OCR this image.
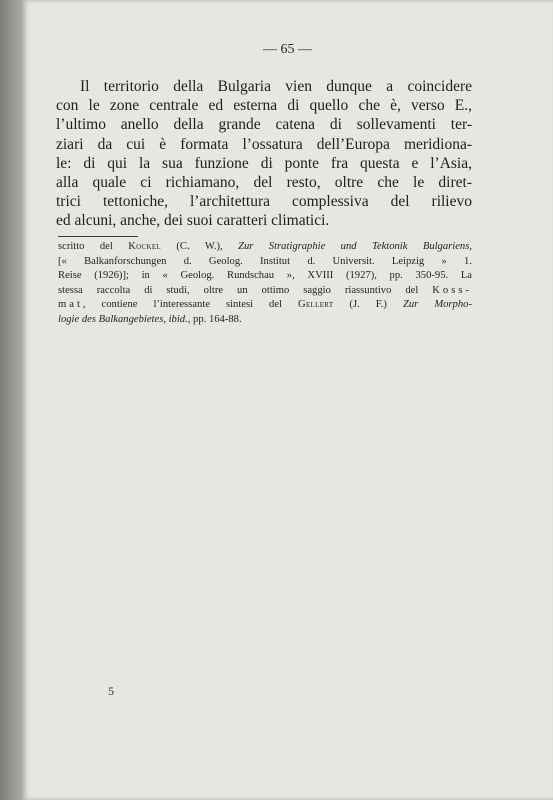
— 65 —
Il territorio della Bulgaria vien dunque a coincidere
con le zone centrale ed esterna di quello che è, verso E.,
l’ultimo anello della grande catena di sollevamenti ter-
ziari da cui è formata l’ossatura dell’Europa meridiona-
le: di qui la sua funzione di ponte fra questa e l’Asia,
alla quale ci richiamano, del resto, oltre che le diret-
trici tettoniche, l’architettura complessiva del rilievo
ed alcuni, anche, dei suoi caratteri climatici.
scritto del Kockel (C. W.), Zur Stratigraphie und Tektonik Bulgariens,
[« Balkanforschungen d. Geolog. Institut d. Universit. Leipzig » 1.
Reise (1926)]; in « Geolog. Rundschau », XVIII (1927), pp. 350-95. La
stessa raccolta di studi, oltre un ottimo saggio riassuntivo del Koss-
mat, contiene l’interessante sintesi del Gellert (J. F.) Zur Morpho-
logie des Balkangebietes, ibid., pp. 164-88.
5
